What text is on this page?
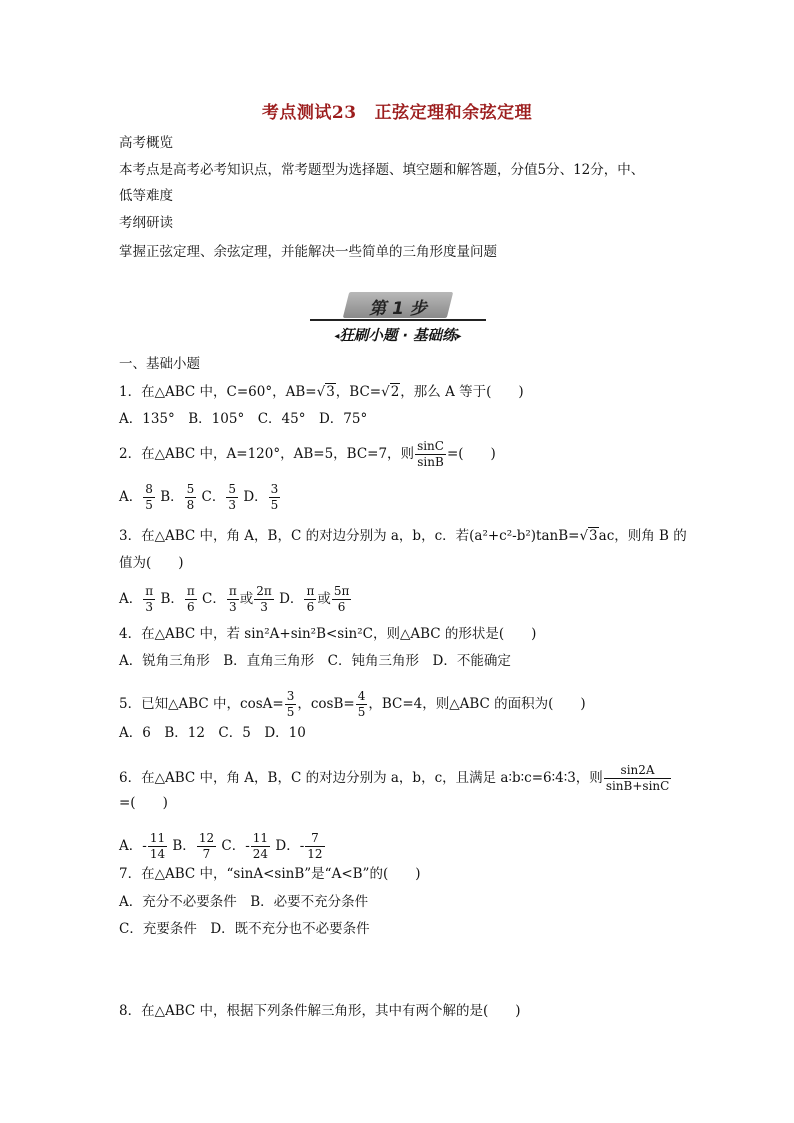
考点测试23 正弦定理和余弦定理
高考概览
本考点是高考必考知识点，常考题型为选择题、填空题和解答题，分值5分、12分，中、
低等难度
考纲研读
掌握正弦定理、余弦定理，并能解决一些简单的三角形度量问题
第 1 步
◂狂刷小题 · 基础练▸
一、基础小题
1．在△ABC 中，C=60°，AB=√3，BC=√2，那么 A 等于(　　)
A．135°　B．105°　C．45°　D．75°
2．在△ABC 中，A=120°，AB=5，BC=7，则 $\frac{\sin C}{\sin B}$ =(　　)
A． $\frac{8}{5}$ B． $\frac{5}{8}$ C． $\frac{5}{3}$ D． $\frac{3}{5}$
3．在△ABC 中，角 A，B，C 的对边分别为 a，b，c．若(a²+c²-b²)tanB=√3ac，则角 B 的
值为(　　)
A． $\frac{\pi}{3}$ B． $\frac{\pi}{6}$ C． $\frac{\pi}{3}$ 或 $\frac{2\pi}{3}$ D． $\frac{\pi}{6}$ 或 $\frac{5\pi}{6}$
4．在△ABC 中，若 sin²A+sin²B<sin²C，则△ABC 的形状是(　　)
A．锐角三角形　B．直角三角形　C．钝角三角形　D．不能确定
5．已知△ABC 中，$\cos A= \frac{3}{5}$ ，$\cos B= \frac{4}{5}$ ，BC=4，则△ABC 的面积为(　　)
A．6　B．12　C．5　D．10
6．在△ABC 中，角 A，B，C 的对边分别为 a，b，c，且满足 a∶b∶c=6∶4∶3，则 $\frac{\sin 2A}{\sin B+\sin C}$
=(　　)
A．- $\frac{11}{14}$ B． $\frac{12}{7}$ C．- $\frac{11}{24}$ D．- $\frac{7}{12}$
7．在△ABC 中，“sinA<sinB”是“A<B”的(　　)
A．充分不必要条件　B．必要不充分条件
C．充要条件　D．既不充分也不必要条件
8．在△ABC 中，根据下列条件解三角形，其中有两个解的是(　　)
